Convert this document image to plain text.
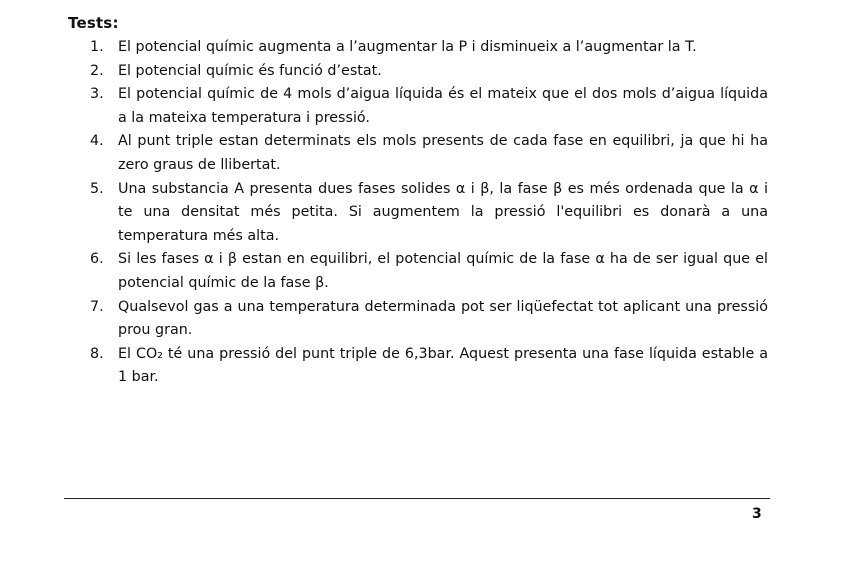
Tests:
1.	El potencial químic augmenta a l’augmentar la P i disminueix a l’augmentar la T.
2.	El potencial químic és funció d’estat.
3.	El potencial químic de 4 mols d’aigua líquida és el mateix que el dos mols d’aigua líquida a la mateixa temperatura i pressió.
4.	Al punt triple estan determinats els mols presents de cada fase en equilibri, ja que hi ha zero graus de llibertat.
5.	Una substancia A presenta dues fases solides α i β, la fase β es més ordenada que la α i te una densitat més petita. Si augmentem la pressió l'equilibri es donarà a una temperatura més alta.
6.	Si les fases α i β estan en equilibri, el potencial químic de la fase α ha de ser igual que el potencial químic de la fase β.
7.	Qualsevol gas a una temperatura determinada pot ser liqüefectat tot aplicant una pressió prou gran.
8.	El CO₂ té una pressió del punt triple de 6,3bar. Aquest presenta una fase líquida estable a 1 bar.
3
